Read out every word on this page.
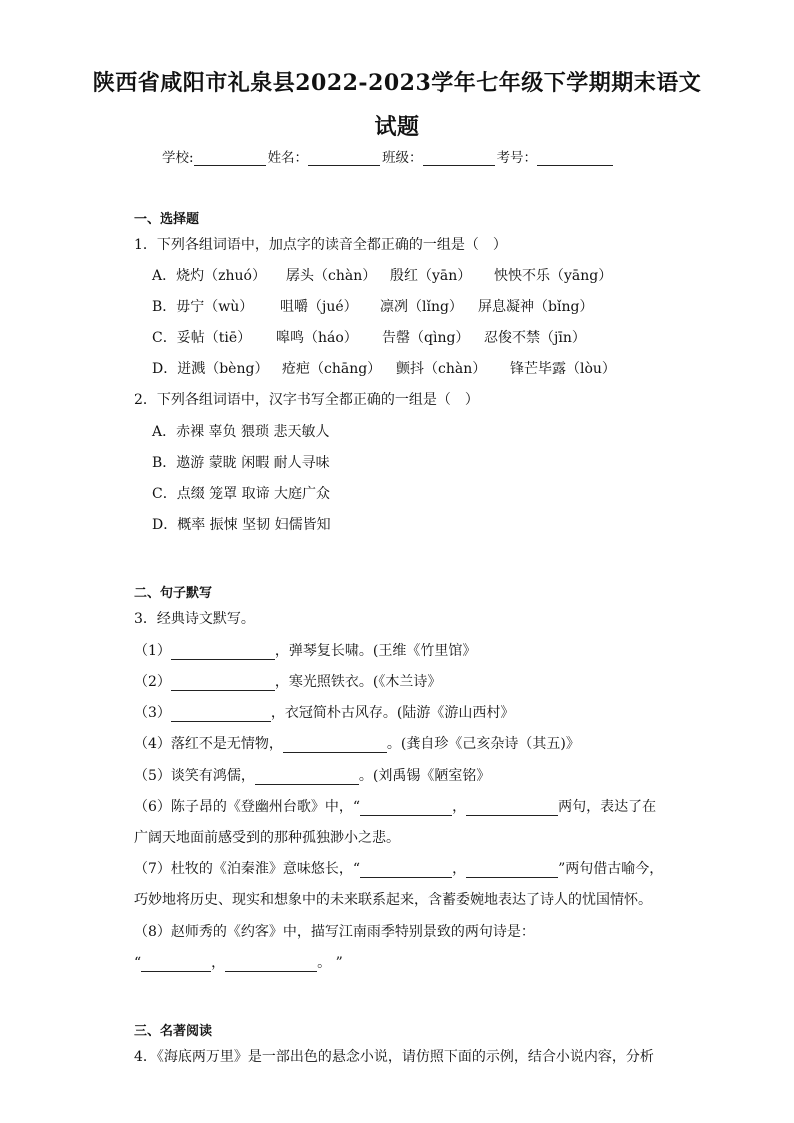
陕西省咸阳市礼泉县2022-2023学年七年级下学期期末语文
试题
学校:	姓名：	班级：	考号：
一、选择题
1．下列各组词语中，加点字的读音全都正确的一组是（　）
A．烧灼（zhuó） 孱头（chàn） 殷红（yān） 怏怏不乐（yāng）
B．毋宁（wù） 咀嚼（jué） 凛冽（lǐng） 屏息凝神（bǐng）
C．妥帖（tiē） 嗥鸣（háo） 告罄（qìng） 忍俊不禁（jīn）
D．迸溅（bèng） 疮疤（chāng） 颤抖（chàn） 锋芒毕露（lòu）
2．下列各组词语中，汉字书写全都正确的一组是（　）
A．赤裸 辜负 猥琐 悲天敏人
B．遨游 蒙眬 闲暇 耐人寻味
C．点缀 笼罩 取谛 大庭广众
D．概率 振悚 坚韧 妇儒皆知
二、句子默写
3．经典诗文默写。
（1）	，弹琴复长啸。(王维《竹里馆》
（2）	，寒光照铁衣。(《木兰诗》
（3）	，衣冠简朴古风存。(陆游《游山西村》
（4）落红不是无情物，	。(龚自珍《己亥杂诗（其五)》
（5）谈笑有鸿儒，	。(刘禹锡《陋室铭》
（6）陈子昂的《登幽州台歌》中，“	，	两句，表达了在
广阔天地面前感受到的那种孤独渺小之悲。
（7）杜牧的《泊秦淮》意味悠长，“	，	”两句借古喻今，
巧妙地将历史、现实和想象中的未来联系起来，含蓄委婉地表达了诗人的忧国情怀。
（8）赵师秀的《约客》中，描写江南雨季特别景致的两句诗是：
“	，	。 ”
三、名著阅读
4．《海底两万里》是一部出色的悬念小说，请仿照下面的示例，结合小说内容，分析
